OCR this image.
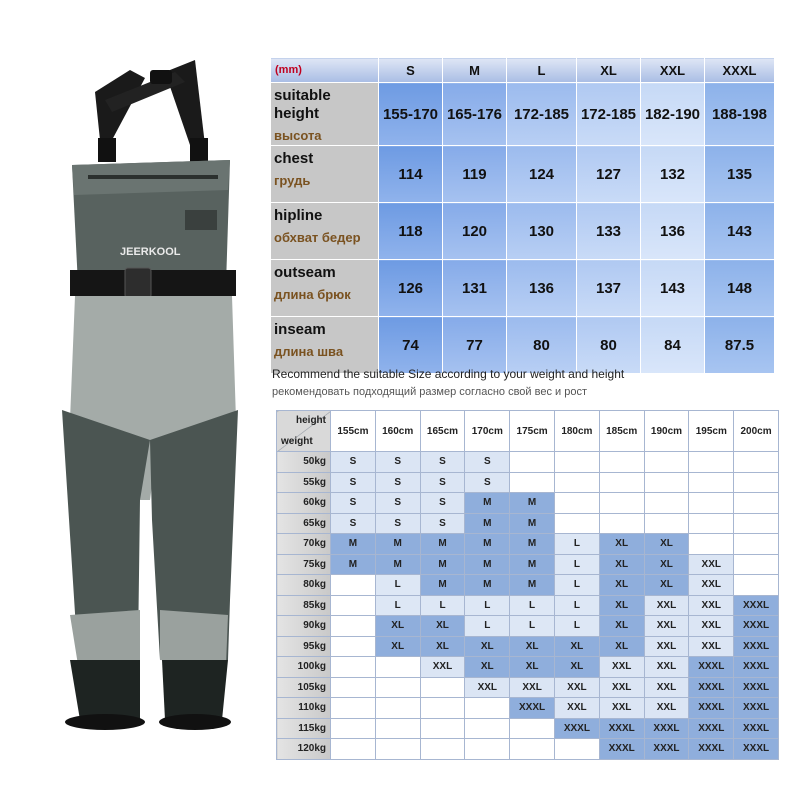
JEERKOOL
(mm)	S	M	L	XL	XXL	XXXL

suitable height
высота	155-170	165-176	172-185	172-185	182-190	188-198

chest
грудь	114	119	124	127	132	135

hipline
обхват бедер	118	120	130	133	136	143

outseam
длина брюк	126	131	136	137	143	148

inseam
длина шва	74	77	80	80	84	87.5
Recommend the suitable Size according to your weight and height
рекомендовать подходящий размер согласно свой вес и рост
height
weight	155cm	160cm	165cm	170cm	175cm	180cm	185cm	190cm	195cm	200cm
50kg	S	S	S	S						
55kg	S	S	S	S						
60kg	S	S	S	M	M					
65kg	S	S	S	M	M					
70kg	M	M	M	M	M	L	XL	XL		
75kg	M	M	M	M	M	L	XL	XL	XXL	
80kg		L	M	M	M	L	XL	XL	XXL	
85kg		L	L	L	L	L	XL	XXL	XXL	XXXL
90kg		XL	XL	L	L	L	XL	XXL	XXL	XXXL
95kg		XL	XL	XL	XL	XL	XL	XXL	XXL	XXXL
100kg			XXL	XL	XL	XL	XXL	XXL	XXXL	XXXL
105kg				XXL	XXL	XXL	XXL	XXL	XXXL	XXXL
110kg					XXXL	XXL	XXL	XXL	XXXL	XXXL
115kg						XXXL	XXXL	XXXL	XXXL	XXXL
120kg							XXXL	XXXL	XXXL	XXXL
